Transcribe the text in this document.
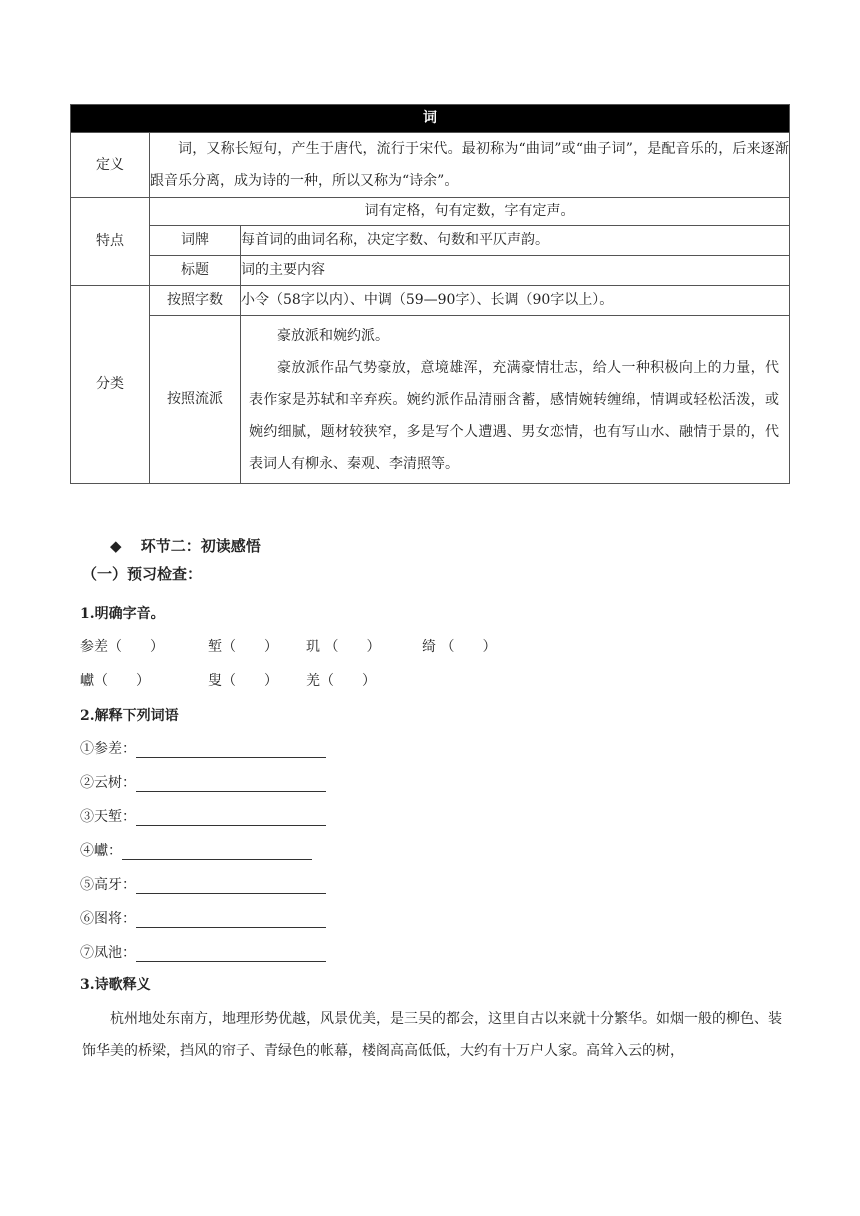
词		
定义	词，又称长短句，产生于唐代，流行于宋代。最初称为“曲词”或“曲子词”，是配音乐的，后来逐渐跟音乐分离，成为诗的一种，所以又称为“诗余”。	
特点	词有定格，句有定数，字有定声。	
	词牌	每首词的曲词名称，决定字数、句数和平仄声韵。
	标题	词的主要内容
分类	按照字数	小令（58字以内）、中调（59—90字）、长调（90字以上）。
	按照流派	豪放派和婉约派。
豪放派作品气势豪放，意境雄浑，充满豪情壮志，给人一种积极向上的力量，代表作家是苏轼和辛弃疾。婉约派作品清丽含蓄，感情婉转缠绵，情调或轻松活泼，或婉约细腻，题材较狭窄，多是写个人遭遇、男女恋情，也有写山水、融情于景的，代表词人有柳永、秦观、李清照等。
◆ 环节二：初读感悟
（一）预习检查：
1.明确字音。
参差（　　）	堑（　　） 玑 （　　）	绮 （　　）
巘（　　）	叟（　　） 羌（　　）
2.解释下列词语
①参差：
②云树：
③天堑：
④巘：
⑤高牙：
⑥图将：
⑦凤池：
3.诗歌释义
杭州地处东南方，地理形势优越，风景优美，是三吴的都会，这里自古以来就十分繁华。如烟一般的柳色、装饰华美的桥梁，挡风的帘子、青绿色的帐幕，楼阁高高低低，大约有十万户人家。高耸入云的树，
